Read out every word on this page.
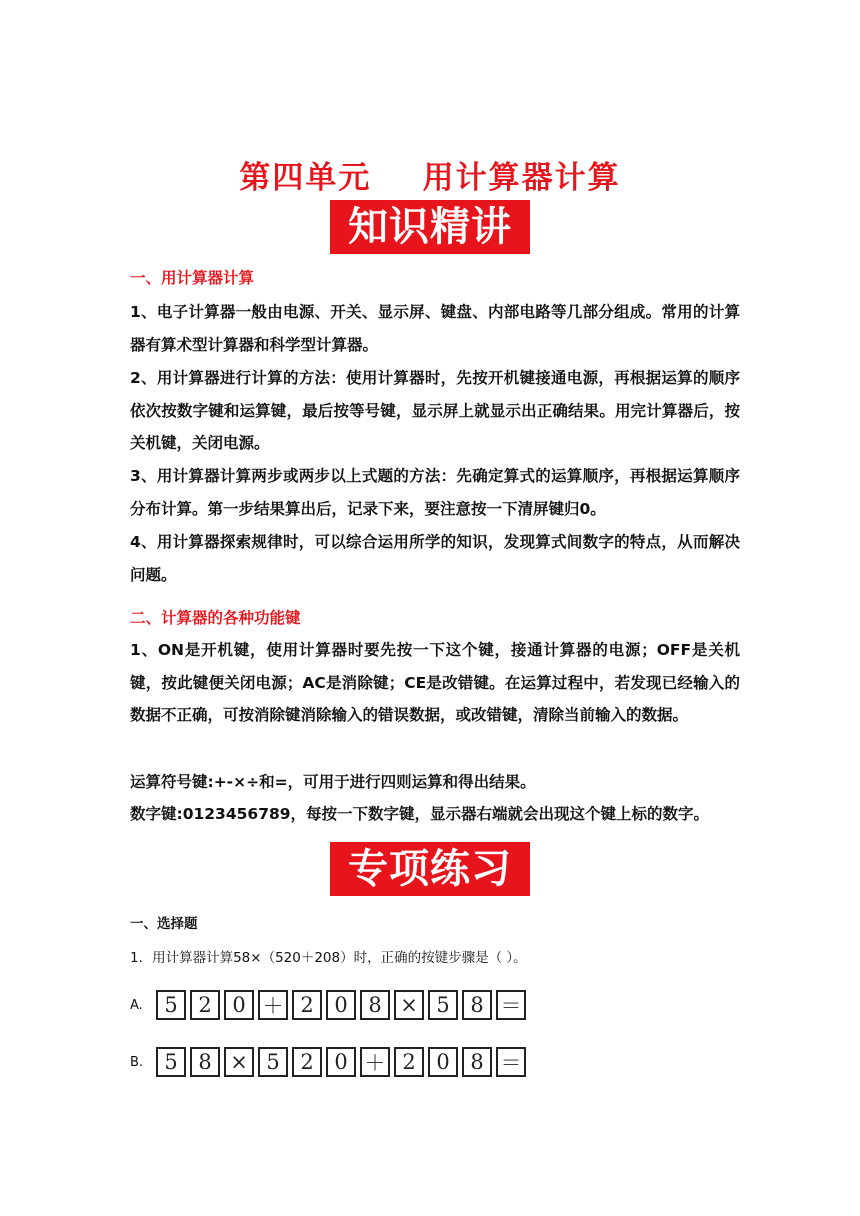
第四单元    用计算器计算
知识精讲
一、用计算器计算
1、电子计算器一般由电源、开关、显示屏、键盘、内部电路等几部分组成。常用的计算器有算术型计算器和科学型计算器。
2、用计算器进行计算的方法：使用计算器时，先按开机键接通电源，再根据运算的顺序依次按数字键和运算键，最后按等号键，显示屏上就显示出正确结果。用完计算器后，按关机键，关闭电源。
3、用计算器计算两步或两步以上式题的方法：先确定算式的运算顺序，再根据运算顺序分布计算。第一步结果算出后，记录下来，要注意按一下清屏键归0。
4、用计算器探索规律时，可以综合运用所学的知识，发现算式间数字的特点，从而解决问题。
二、计算器的各种功能键
1、ON是开机键，使用计算器时要先按一下这个键，接通计算器的电源；OFF是关机键，按此键便关闭电源；AC是消除键；CE是改错键。在运算过程中，若发现已经输入的数据不正确，可按消除键消除输入的错误数据，或改错键，清除当前输入的数据。
运算符号键:+-×÷和=，可用于进行四则运算和得出结果。
数字键:0123456789，每按一下数字键，显示器右端就会出现这个键上标的数字。
专项练习
一、选择题
1．用计算器计算58×（520＋208）时，正确的按键步骤是（ ）。
A.	5 2 0 ＋ 2 0 8 × 5 8 ＝
B.	5 8 × 5 2 0 ＋ 2 0 8 ＝
